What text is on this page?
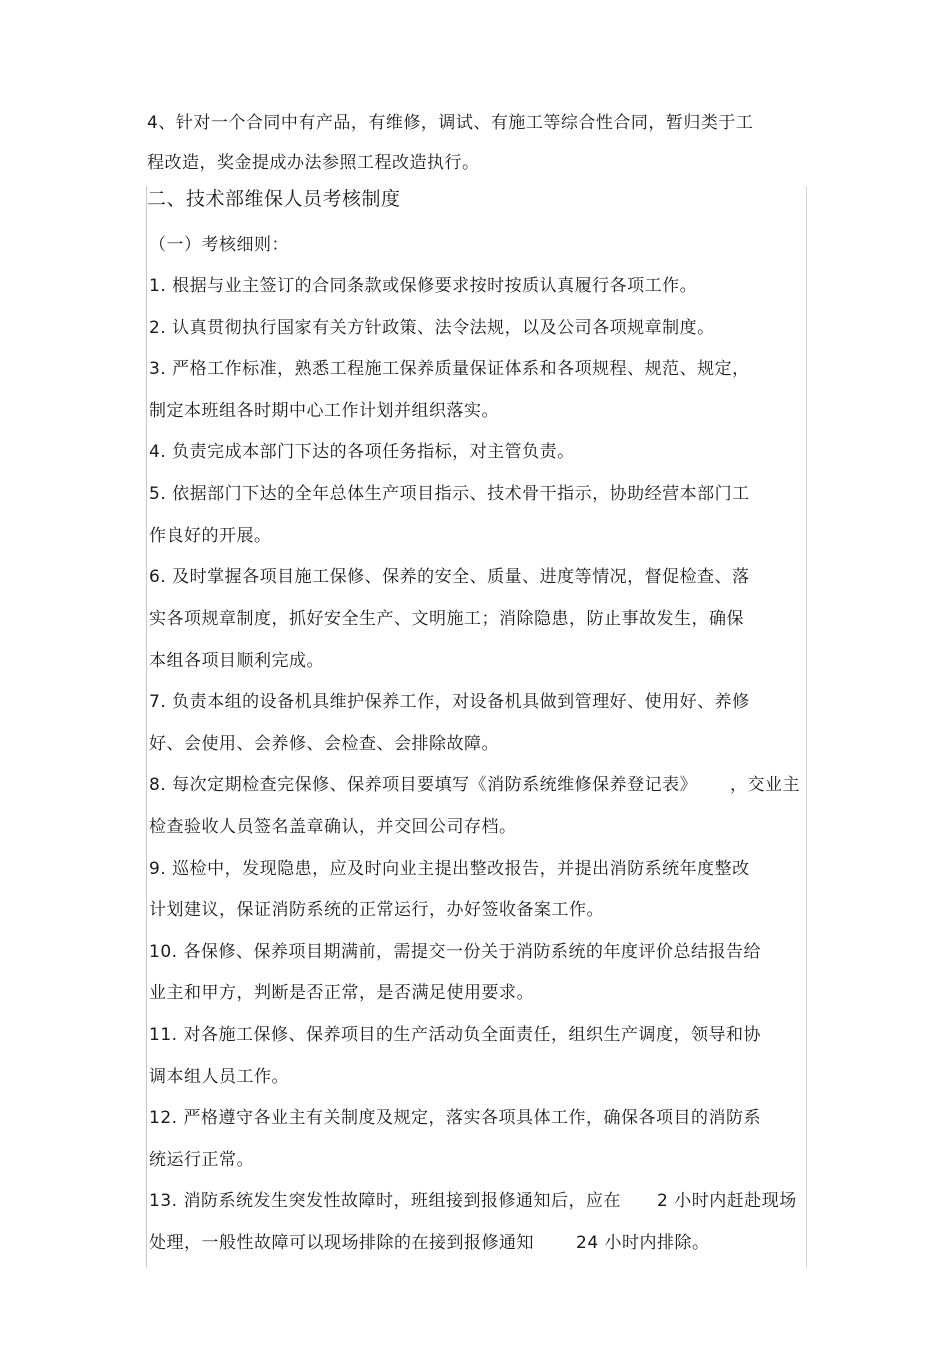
4、针对一个合同中有产品，有维修，调试、有施工等综合性合同，暂归类于工
程改造，奖金提成办法参照工程改造执行。
二、技术部维保人员考核制度
（一）考核细则：
1. 根据与业主签订的合同条款或保修要求按时按质认真履行各项工作。
2. 认真贯彻执行国家有关方针政策、法令法规，以及公司各项规章制度。
3. 严格工作标准，熟悉工程施工保养质量保证体系和各项规程、规范、规定，
制定本班组各时期中心工作计划并组织落实。
4. 负责完成本部门下达的各项任务指标，对主管负责。
5. 依据部门下达的全年总体生产项目指示、技术骨干指示，协助经营本部门工
作良好的开展。
6. 及时掌握各项目施工保修、保养的安全、质量、进度等情况，督促检查、落
实各项规章制度，抓好安全生产、文明施工；消除隐患，防止事故发生，确保
本组各项目顺利完成。
7. 负责本组的设备机具维护保养工作，对设备机具做到管理好、使用好、养修
好、会使用、会养修、会检查、会排除故障。
8. 每次定期检查完保修、保养项目要填写《消防系统维修保养登记表》 ，交业主
检查验收人员签名盖章确认，并交回公司存档。
9. 巡检中，发现隐患，应及时向业主提出整改报告，并提出消防系统年度整改
计划建议，保证消防系统的正常运行，办好签收备案工作。
10. 各保修、保养项目期满前，需提交一份关于消防系统的年度评价总结报告给
业主和甲方，判断是否正常，是否满足使用要求。
11. 对各施工保修、保养项目的生产活动负全面责任，组织生产调度，领导和协
调本组人员工作。
12. 严格遵守各业主有关制度及规定，落实各项具体工作，确保各项目的消防系
统运行正常。
13. 消防系统发生突发性故障时，班组接到报修通知后，应在 2 小时内赶赴现场
处理，一般性故障可以现场排除的在接到报修通知 24 小时内排除。
